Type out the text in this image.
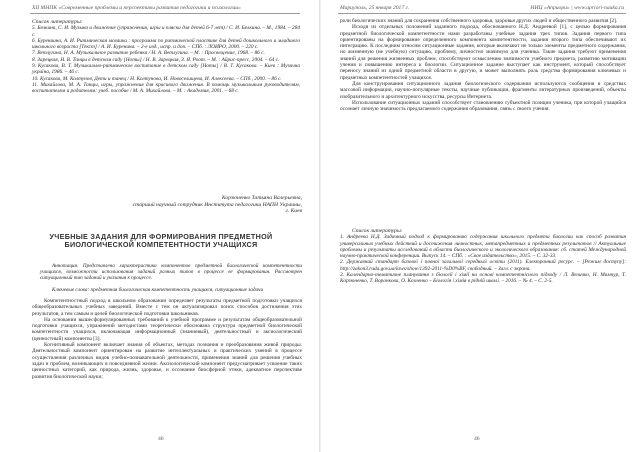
XII МНПК «Современные проблемы и перспективы развития педагогики и психологии»

Список литературы:

5. Белкина, С. И. Музыка и движение (упражнения, игры и пляски для детей 6-7 лет) / С. И. Белкина. – М., 1984. – 284 с.

6. Бурениина, А. И. Ритмическая мозаика : программа по ритмической пластике для детей дошкольного и младшего школьного возраста [Текст] / А. И. Буренина. – 2-е изд., испр. и доп. – СПб. : ЛОИРО, 2000. – 220 с.

7. Ветлугина, Н. А. Музыкальное развитие ребенка / Н. А. Ветлугина. – М. : Просвещение, 1968. – 86 с.

8. Зарецкая, Н. В. Танцы в детском саду [Ноты] / Н. В. Зарецкая, З. Я. Роот. – М. : Айрис-пресс, 2004. – 64 с.

9. Кусакова, В. Т. Музыкально-ритмическое воспитание в детском саду [Ноты] / В. Т. Кусакова. – Киев : Музична україна, 1986. – 46 с.

10. Кусакова, М. Колтунов, Дети и танец / Н. Колтунова, И. Новоселищева, И. Алексеева. – СПб., 2000. – 86 с.

11. Михайлова, М. А. Танцы, игры, упражнения для красивого движения. В помощь музыкальным руководителям, воспитателям и родителям: учеб. пособие / М. А. Михайлова. – М. : Академия, 2001. – 68 с.

Корзюненко Татьяна Валерьевна,
старший научный сотрудник Института педагогики НАПН Украины,
г. Киев
УЧЕБНЫЕ ЗАДАНИЯ ДЛЯ ФОРМИРОВАНИЯ ПРЕДМЕТНОЙ БИОЛОГИЧЕСКОЙ КОМПЕТЕНТНОСТИ УЧАЩИХСЯ

Аннотация. Представлена характеристика компонентов предметной биологической компетентности учащихся, возможности использования заданий разных типов в процессе ее формирования. Рассмотрен ситуационный тип заданий и указания к процессе.

Ключевые слова: предметная биологическая компетентность учащихся, ситуационные задачи

Компетентностный подход в школьном образовании определяет результаты предметной подготовки учащихся общеобразовательных учебных заведений. Вместе с тем он актуализировал поиск способов достижения этих результатов, а тем самым и целей биологической подготовки школьников.

На основании вышесформулированных требований к учебной программе и результатам общеобразовательной подготовки учащихся, упражнений методистами теоретически обоснована структура предметной биологической компетентности учащихся, включающая информационный (знаниевый), деятельностный и аксиологический (ценностный) компоненты [3].

Когнитивный компонент включает знания об объектах, методах познания и преобразования живой природы. Деятельностный компонент ориентирован на развитие интеллектуальных и практических умений в процессе осуществления различных видов учебно-познавательной деятельности, применения знаний для решения учебных задач и проблем, возникающих в повседневной жизни. Аксиологический компонент предусматривает усвоение таких ценностных категорий, как природа, жизнь, здоровье, и осознание биосферной этики, адекватное перспективе развития биологической науки;

46
Мариуполь, 25 января 2017 г.	НИЦ «Априори» | www.apriori-nauka.ru

роли биологических знаний для сохранения собственного здоровья, здоровья других людей и общественного развития [2].

Исходя из отдельных положений заданного подхода, обоснованного Н.Д. Андреевой [1], с целью формирования предметной биологической компетентности нами разработаны учебные задания трех типов. Задания первого типа ориентированы на формирование определенного компонента компетентности, задания второго типа обеспечивают их интеграцию. К последним относим ситуационные задания, которые включают не только элементы предметного содержания, но жизненную (не учебную) ситуацию, проблему, личностно значимую для ученика. Такие задания требуют применения знаний для решения жизненных проблем, способствуют осмыслению значимости учебного предмета, развитию мотивации учения и повышению интереса к биологии. Ситуационное задание выступает как инструмент, который способствует переносу знаний из одной предметной области в другую, и может выполнять роль средства формирования ключевых и предметных компетентностей учащихся.

Для конструирования ситуационного задания биологического содержания используются сообщения в средствах массовой информации, научно-популярные тексты, научные публикации, фрагменты литературных произведений, объекты изобразительного и архитектурного искусства, ресурсы Интернета.

Использование ситуационных заданий способствует становлению субъектной позиции ученика, при которой учащийся осознает личную значимость предлагаемого содержания образования, связь с своего учения.

Список литературы:

1. Андреева Н.Д. Задачный подход к формированию содержания школьного предмета биологии как способ развития универсальных учебных действий и достижения личностных, метапредметных и предметных результатов // Актуальные проблемы и результаты исследований в области биологического и экологического образования: сб. статей Международной научно-практической конференции. Выпуск 14. – СПб. : «Свое издательство», 2015. – С. 32-33.

2. Державний стандарт базової і повної загальної середньої освіти (2011). Електронний ресурс. – [Режим доступу]: http://zakon3.rada.gov.ua/laws/show/1392-2011-%D0%BF, свободный. – Загл. с экрана.

3. Календарно-тематичне планування з біології і хімії на основі компетентнісного підходу / Л. Величко, Н. Мамчур, Т. Корзюненко, Т. Воронкова, О. Козленко – Біологія і хімія в рідній школі. – 2016. – № 4. – С. 2-5.

46
